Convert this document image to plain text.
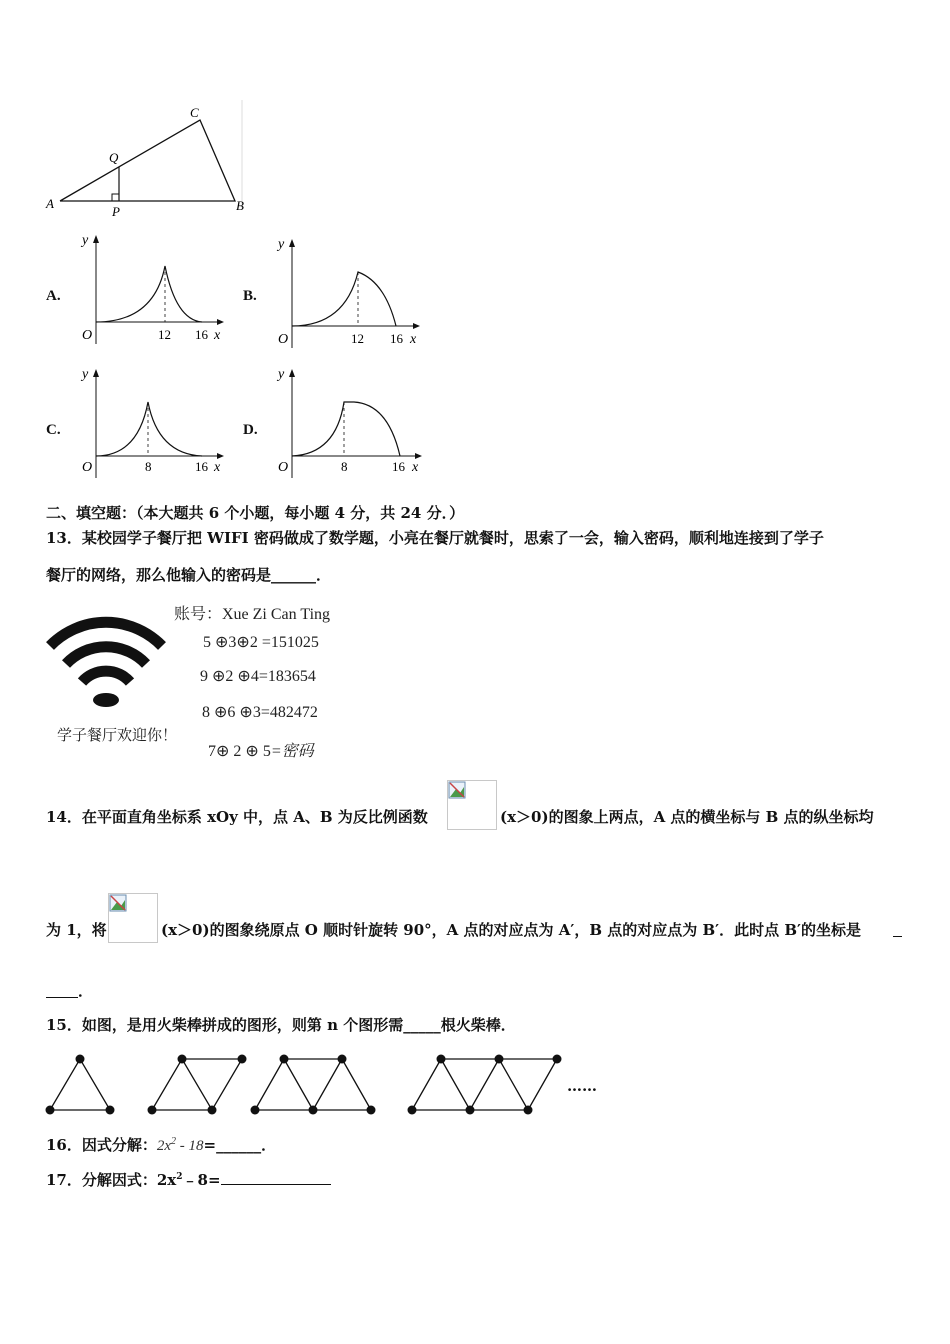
A	B
C
P
Q
A.
O	12 16 x
y
B.
O	12 16 x
y
C.
O	8	16 x
y
D.
O	8	16 x
y
二、填空题：（本大题共 6 个小题，每小题 4 分，共 24 分．）
13．某校园学子餐厅把 WIFI 密码做成了数学题，小亮在餐厅就餐时，思索了一会，输入密码，顺利地连接到了学子
餐厅的网络，那么他输入的密码是______．
学子餐厅欢迎你！
账号：Xue Zi Can Ting
5 ⊕3⊕2 =151025
9 ⊕2 ⊕4=183654
8 ⊕6 ⊕3=482472
7⊕ 2 ⊕ 5=密码
14．在平面直角坐标系 xOy 中，点 A、B 为反比例函数	(x＞0)的图象上两点，A 点的横坐标与 B 点的纵坐标均
为 1，将	(x＞0)的图象绕原点 O 顺时针旋转 90°，A 点的对应点为 A′，B 点的对应点为 B′．此时点 B′的坐标是
．
15．如图，是用火柴棒拼成的图形，则第 n 个图形需_____根火柴棒．
……
16．因式分解：$2x^2$ - 18=______．
17．分解因式：$2x^2﹣8=$
